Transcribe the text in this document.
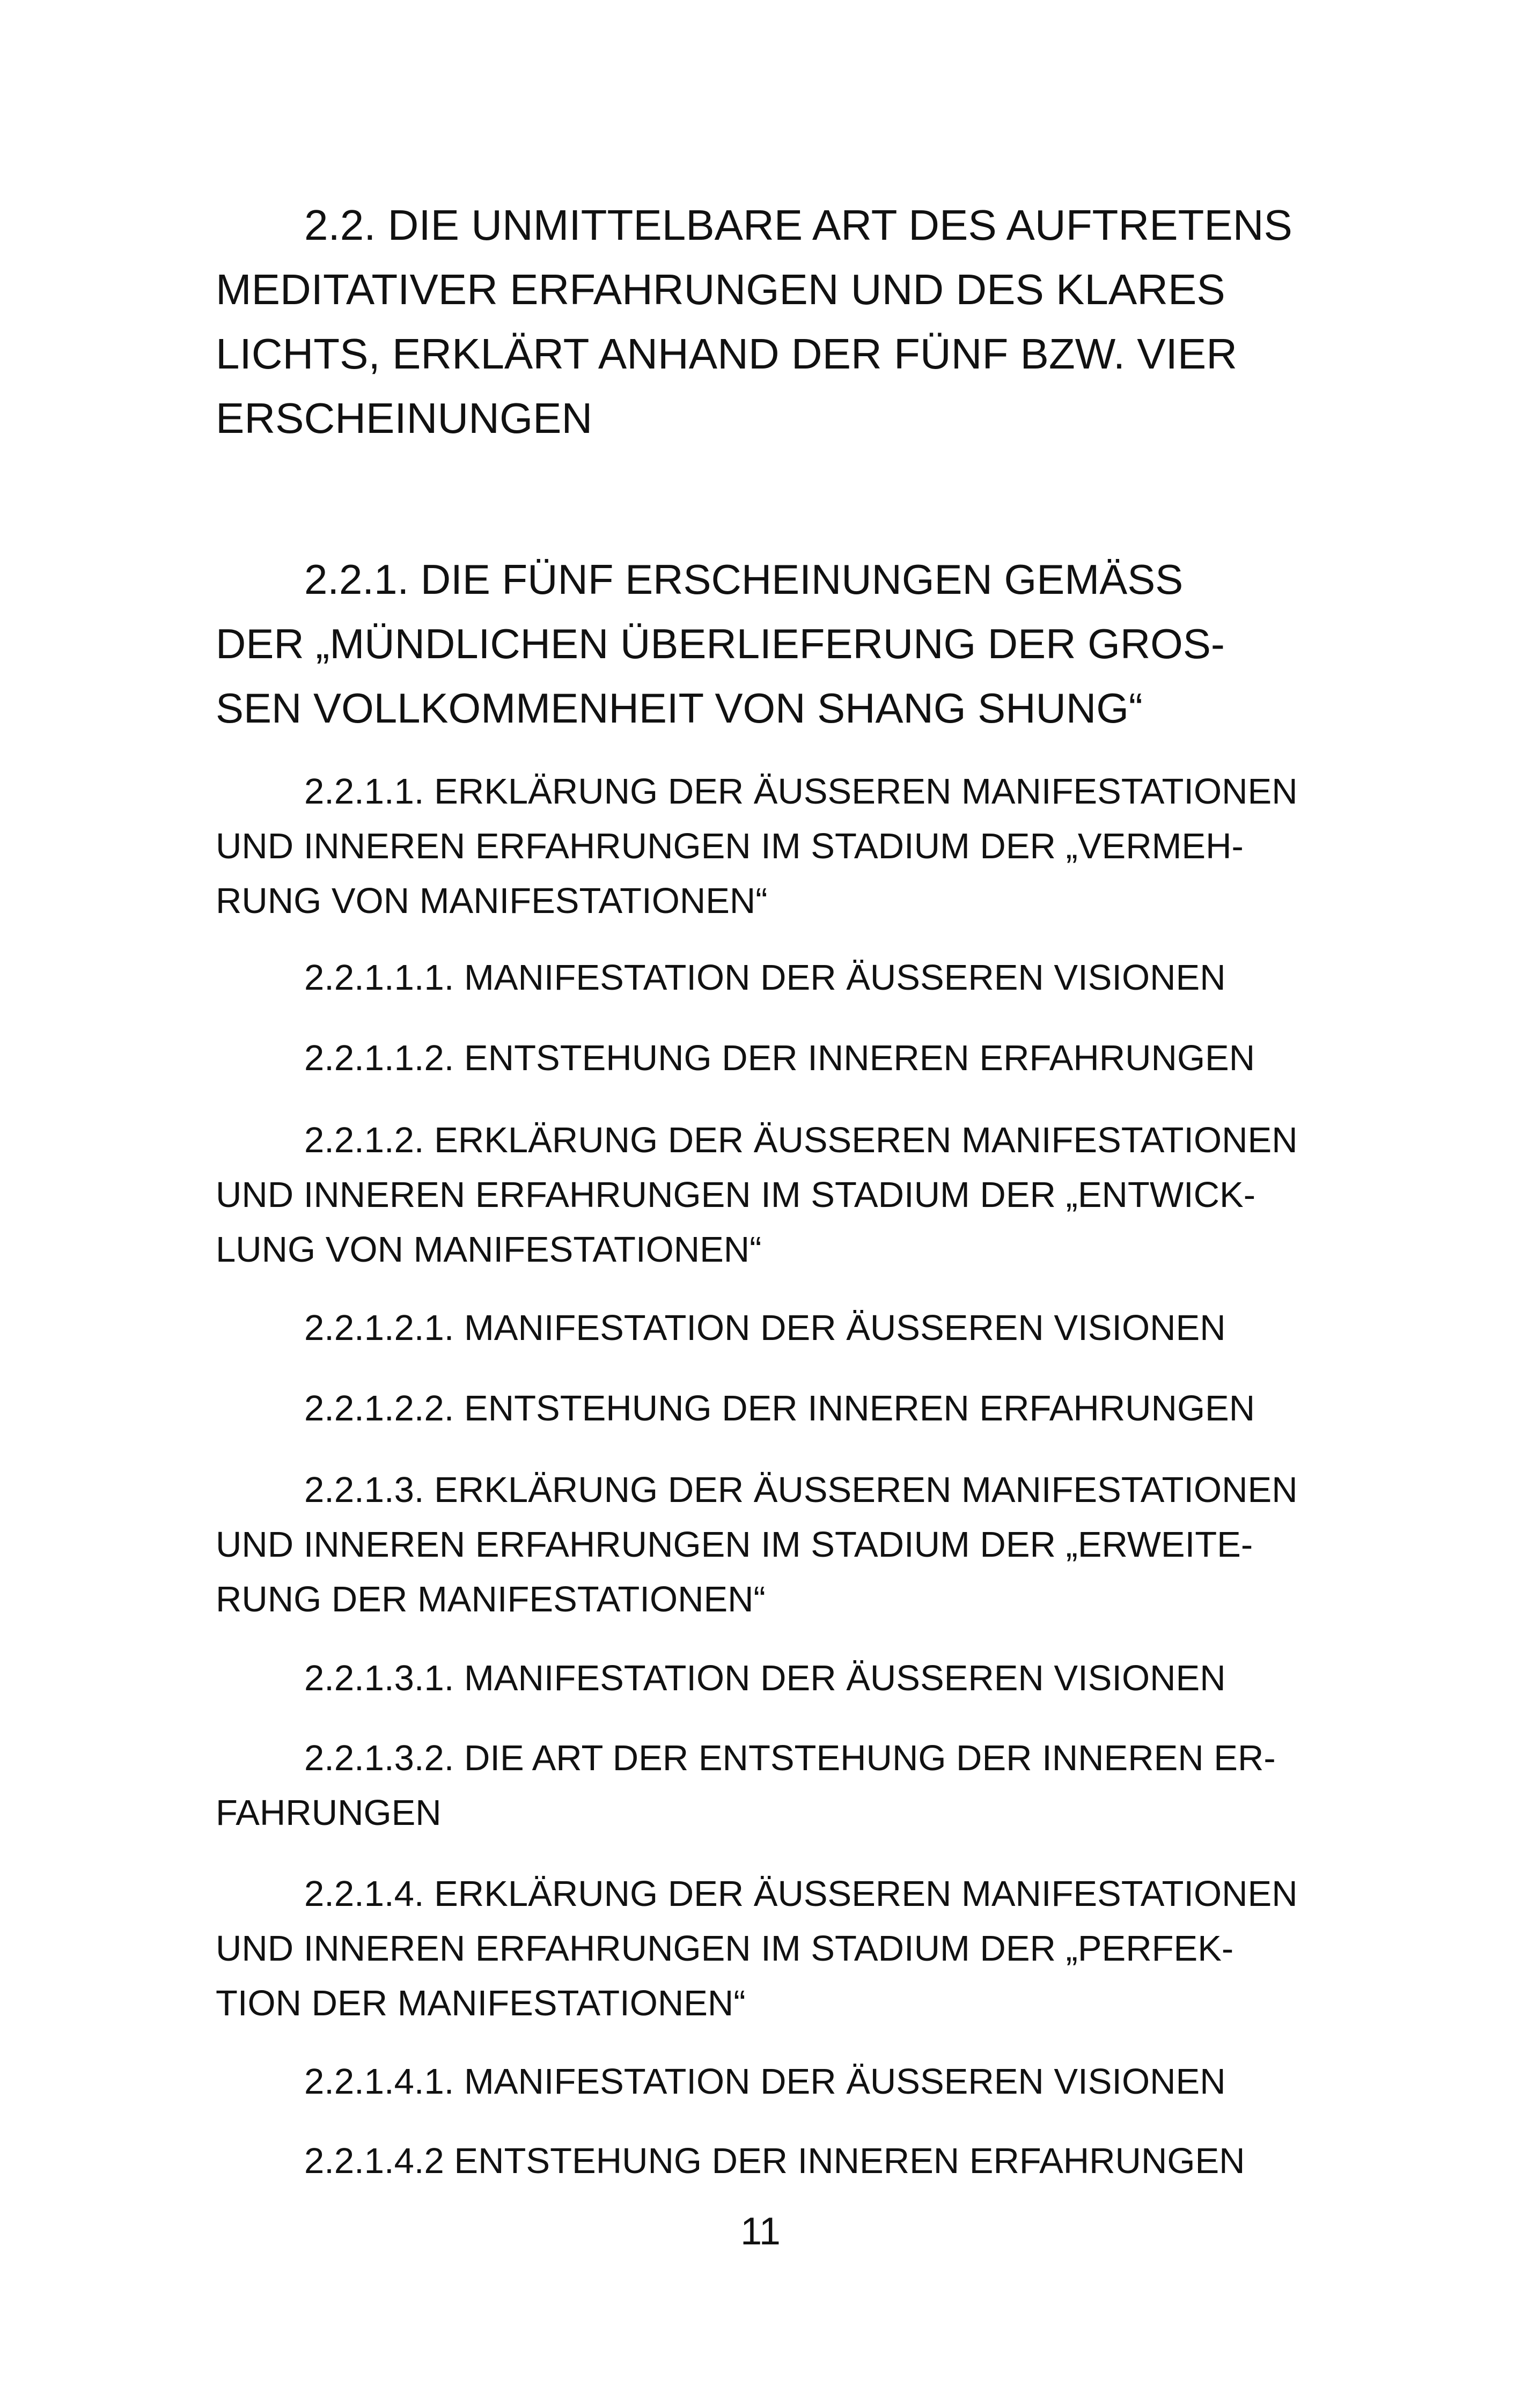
2.2. DIE UNMITTELBARE ART DES AUFTRETENS
MEDITATIVER ERFAHRUNGEN UND DES KLARES
LICHTS, ERKLÄRT ANHAND DER FÜNF BZW. VIER
ERSCHEINUNGEN

2.2.1. DIE FÜNF ERSCHEINUNGEN GEMÄSS
DER „MÜNDLICHEN ÜBERLIEFERUNG DER GROS-
SEN VOLLKOMMENHEIT VON SHANG SHUNG“

2.2.1.1. ERKLÄRUNG DER ÄUSSEREN MANIFESTATIONEN
UND INNEREN ERFAHRUNGEN IM STADIUM DER „VERMEH-
RUNG VON MANIFESTATIONEN“

2.2.1.1.1. MANIFESTATION DER ÄUSSEREN VISIONEN

2.2.1.1.2. ENTSTEHUNG DER INNEREN ERFAHRUNGEN

2.2.1.2. ERKLÄRUNG DER ÄUSSEREN MANIFESTATIONEN
UND INNEREN ERFAHRUNGEN IM STADIUM DER „ENTWICK-
LUNG VON MANIFESTATIONEN“

2.2.1.2.1. MANIFESTATION DER ÄUSSEREN VISIONEN

2.2.1.2.2. ENTSTEHUNG DER INNEREN ERFAHRUNGEN

2.2.1.3. ERKLÄRUNG DER ÄUSSEREN MANIFESTATIONEN
UND INNEREN ERFAHRUNGEN IM STADIUM DER „ERWEITE-
RUNG DER MANIFESTATIONEN“

2.2.1.3.1. MANIFESTATION DER ÄUSSEREN VISIONEN

2.2.1.3.2. DIE ART DER ENTSTEHUNG DER INNEREN ER-
FAHRUNGEN

2.2.1.4. ERKLÄRUNG DER ÄUSSEREN MANIFESTATIONEN
UND INNEREN ERFAHRUNGEN IM STADIUM DER „PERFEK-
TION DER MANIFESTATIONEN“

2.2.1.4.1. MANIFESTATION DER ÄUSSEREN VISIONEN

2.2.1.4.2 ENTSTEHUNG DER INNEREN ERFAHRUNGEN

11
